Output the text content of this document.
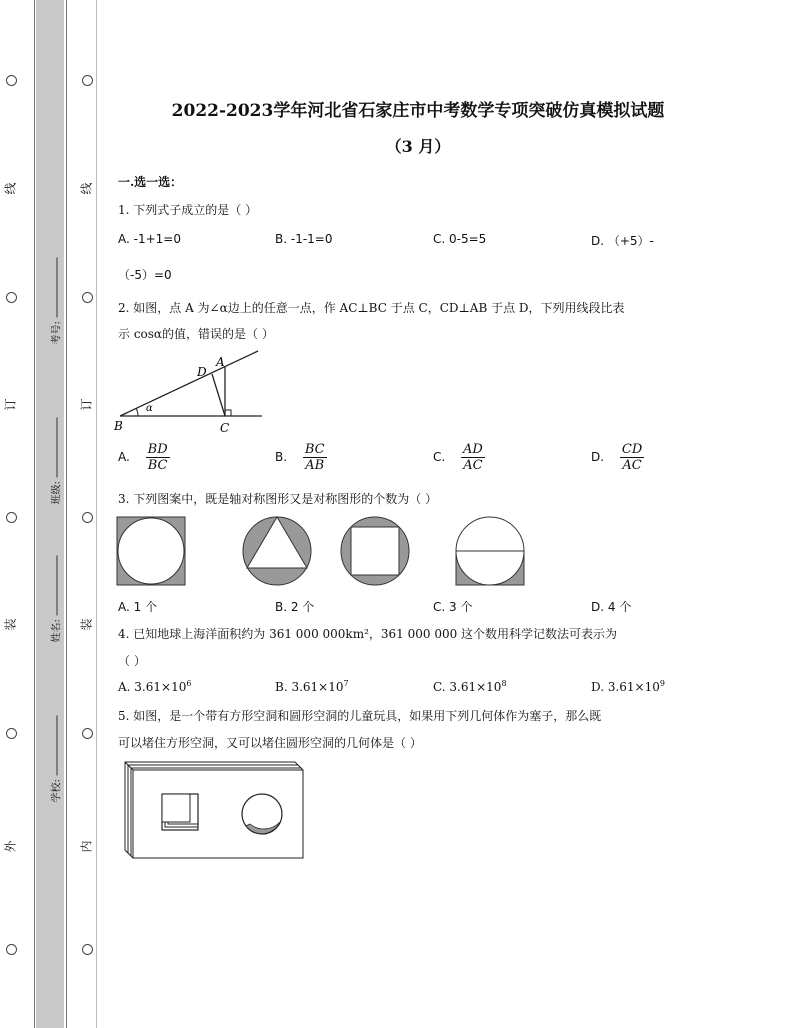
线
订
装
外
线
订
装
内
考号:
班级:
姓名:
学校:
2022-2023学年河北省石家庄市中考数学专项突破仿真模拟试题
（3 月）
一.选一选：
1. 下列式子成立的是（ ）
A. -1+1=0	B. -1-1=0	C. 0-5=5	D. （+5）-
（-5）=0
2. 如图，点 A 为∠α边上的任意一点，作 AC⊥BC 于点 C，CD⊥AB 于点 D，下列用线段比表
示 cosα的值，错误的是（ ）
B	C
A
D
α
A. $\frac{BD}{BC}$	B. $\frac{BC}{AB}$	C. $\frac{AD}{AC}$	D. $\frac{CD}{AC}$
3. 下列图案中，既是轴对称图形又是对称图形的个数为（ ）
A. 1 个	B. 2 个	C. 3 个	D. 4 个
4. 已知地球上海洋面积约为 361 000 000km²，361 000 000 这个数用科学记数法可表示为
（ ）
A. $3.61\times 10^6$	B. $3.61\times 10^7$	C. $3.61\times 10^8$	D. $3.61\times 10^9$
5. 如图，是一个带有方形空洞和圆形空洞的儿童玩具，如果用下列几何体作为塞子，那么既
可以堵住方形空洞，又可以堵住圆形空洞的几何体是（ ）
